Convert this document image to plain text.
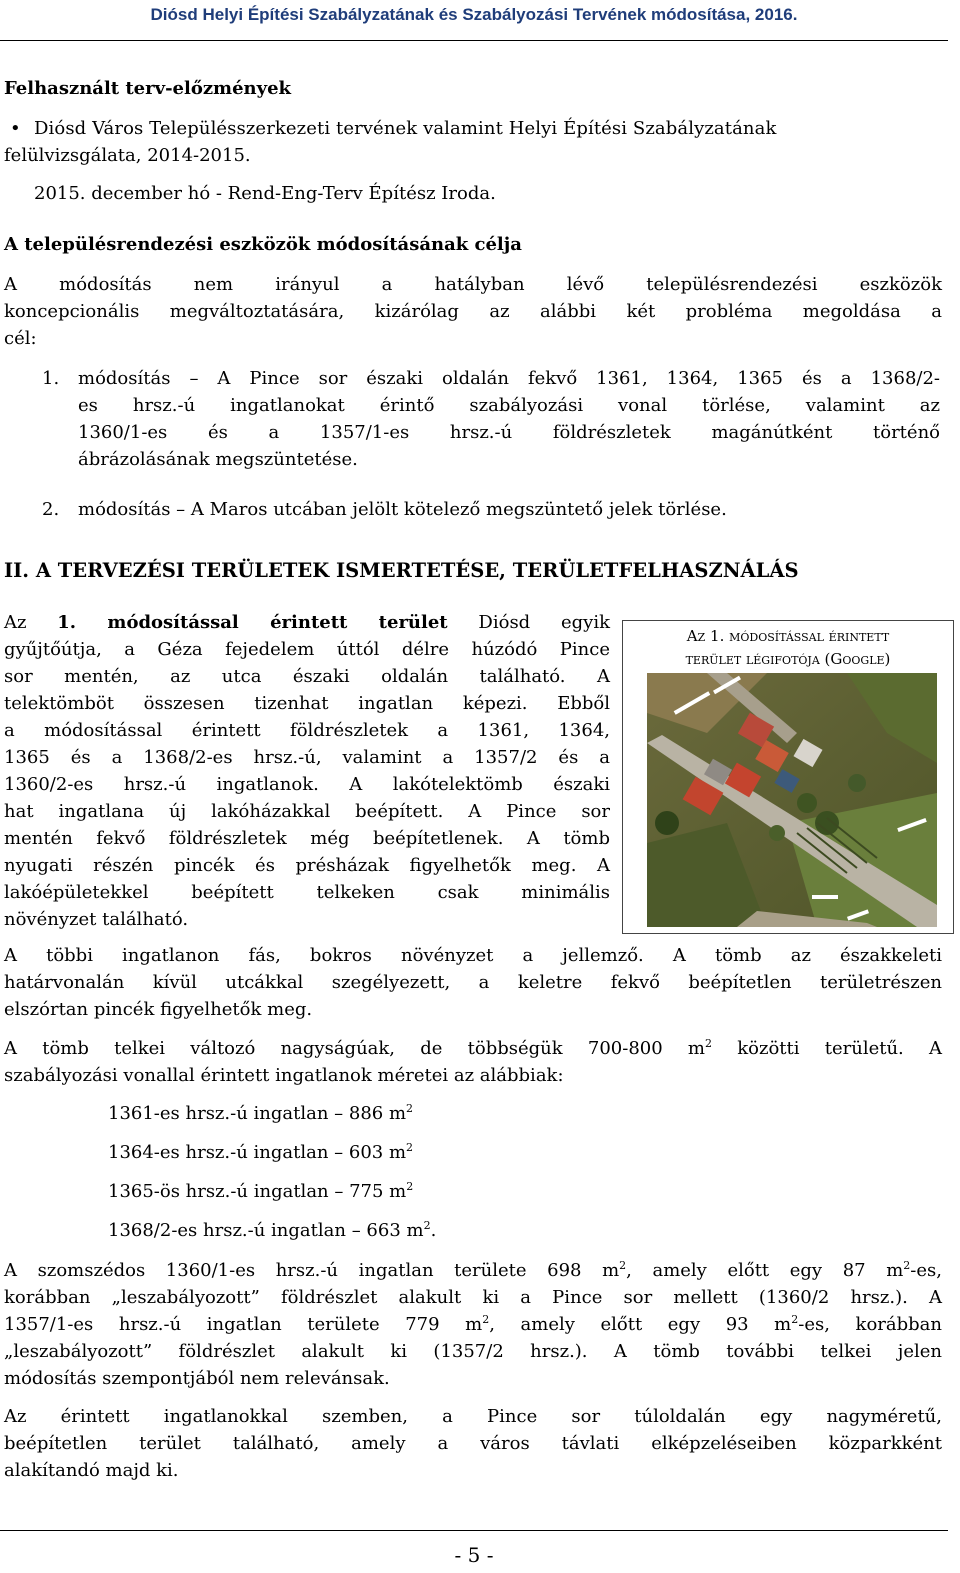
Diósd Helyi Építési Szabályzatának és Szabályozási Tervének módosítása, 2016.
Felhasznált terv-előzmények
• Diósd Város Településszerkezeti tervének valamint Helyi Építési Szabályzatának
felülvizsgálata, 2014-2015.
2015. december hó - Rend-Eng-Terv Építész Iroda.
A településrendezési eszközök módosításának célja
A módosítás nem irányul a hatályban lévő településrendezési eszközök
koncepcionális megváltoztatására, kizárólag az alábbi két probléma megoldása a
cél:
1. módosítás – A Pince sor északi oldalán fekvő 1361, 1364, 1365 és a 1368/2-
es hrsz.-ú ingatlanokat érintő szabályozási vonal törlése, valamint az
1360/1-es és a 1357/1-es hrsz.-ú földrészletek magánútként történő
ábrázolásának megszüntetése.
2. módosítás – A Maros utcában jelölt kötelező megszüntető jelek törlése.
II. A TERVEZÉSI TERÜLETEK ISMERTETÉSE, TERÜLETFELHASZNÁLÁS
Az 1. módosítással érintett terület Diósd egyik
gyűjtőútja, a Géza fejedelem úttól délre húzódó Pince
sor mentén, az utca északi oldalán található. A
telektömböt összesen tizenhat ingatlan képezi. Ebből
a módosítással érintett földrészletek a 1361, 1364,
1365 és a 1368/2-es hrsz.-ú, valamint a 1357/2 és a
1360/2-es hrsz.-ú ingatlanok. A lakótelektömb északi
hat ingatlana új lakóházakkal beépített. A Pince sor
mentén fekvő földrészletek még beépítetlenek. A tömb
nyugati részén pincék és présházak figyelhetők meg. A
lakóépületekkel beépített telkeken csak minimális
növényzet található.
Az 1. módosítással érintett
terület légifotója (Google)
A többi ingatlanon fás, bokros növényzet a jellemző. A tömb az északkeleti
határvonalán kívül utcákkal szegélyezett, a keletre fekvő beépítetlen területrészen
elszórtan pincék figyelhetők meg.
A tömb telkei változó nagyságúak, de többségük 700-800 $m^2$ közötti területű. A
szabályozási vonallal érintett ingatlanok méretei az alábbiak:
1361-es hrsz.-ú ingatlan – 886 $m^2$
1364-es hrsz.-ú ingatlan – 603 $m^2$
1365-ös hrsz.-ú ingatlan – 775 $m^2$
1368/2-es hrsz.-ú ingatlan – 663 $m^2$.
A szomszédos 1360/1-es hrsz.-ú ingatlan területe 698 $m^2$, amely előtt egy 87 $m^2-es$,
korábban „leszabályozott” földrészlet alakult ki a Pince sor mellett (1360/2 hrsz.). A
1357/1-es hrsz.-ú ingatlan területe 779 $m^2$, amely előtt egy 93 $m^2-es$, korábban
„leszabályozott” földrészlet alakult ki (1357/2 hrsz.). A tömb további telkei jelen
módosítás szempontjából nem relevánsak.
Az érintett ingatlanokkal szemben, a Pince sor túloldalán egy nagyméretű,
beépítetlen terület található, amely a város távlati elképzeléseiben közparkként
alakítandó majd ki.
- 5 -
